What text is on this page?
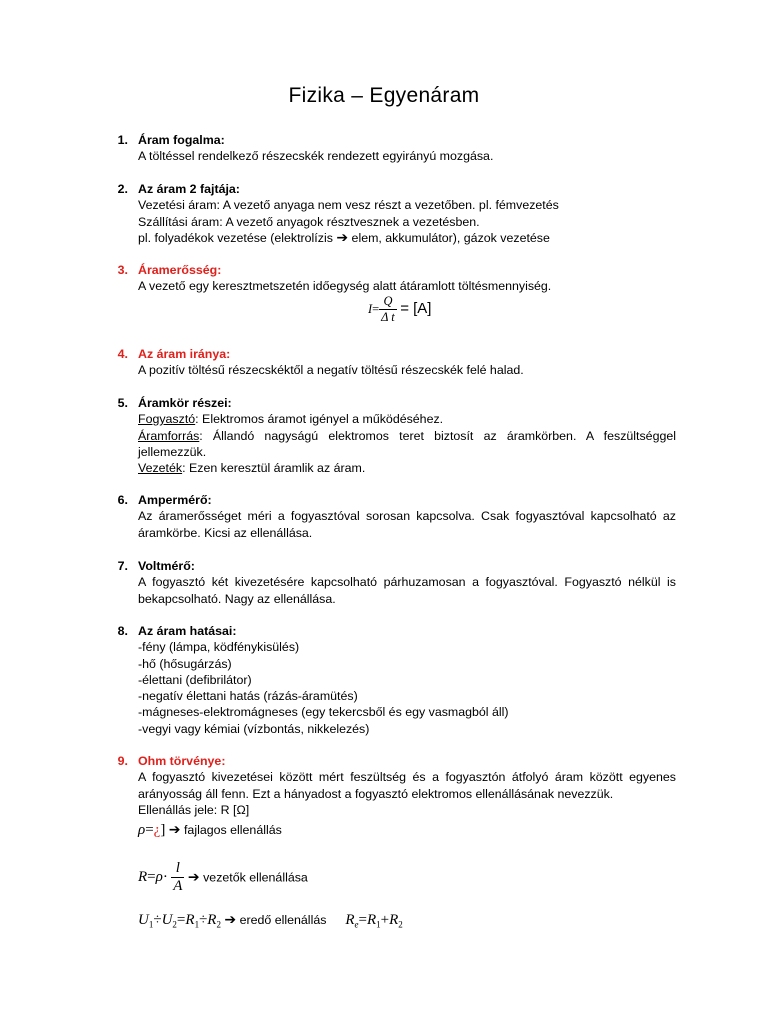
Fizika – Egyenáram
1. Áram fogalma:
A töltéssel rendelkező részecskék rendezett egyirányú mozgása.
2. Az áram 2 fajtája:
Vezetési áram: A vezető anyaga nem vesz részt a vezetőben. pl. fémvezetés
Szállítási áram: A vezető anyagok résztvesznek a vezetésben.
pl. folyadékok vezetése (elektrolízis ➔ elem, akkumulátor), gázok vezetése
3. Áramerősség:
A vezető egy keresztmetszetén időegység alatt átáramlott töltésmennyiség.
$I= \frac{Q}{\text{Δ t}} = [A]$
4. Az áram iránya:
A pozitív töltésű részecskéktől a negatív töltésű részecskék felé halad.
5. Áramkör részei:
Fogyasztó: Elektromos áramot igényel a működéséhez.
Áramforrás: Állandó nagyságú elektromos teret biztosít az áramkörben. A feszültséggel jellemezzük.
Vezeték: Ezen keresztül áramlik az áram.
6. Ampermérő:
Az áramerősséget méri a fogyasztóval sorosan kapcsolva. Csak fogyasztóval kapcsolható az áramkörbe. Kicsi az ellenállása.
7. Voltmérő:
A fogyasztó két kivezetésére kapcsolható párhuzamosan a fogyasztóval. Fogyasztó nélkül is bekapcsolható. Nagy az ellenállása.
8. Az áram hatásai:
-fény (lámpa, ködfénykisülés)
-hő (hősugárzás)
-élettani (defibrilátor)
-negatív élettani hatás (rázás-áramütés)
-mágneses-elektromágneses (egy tekercsből és egy vasmagból áll)
-vegyi vagy kémiai (vízbontás, nikkelezés)
9. Ohm törvénye:
A fogyasztó kivezetései között mért feszültség és a fogyasztón átfolyó áram között egyenes arányosság áll fenn. Ezt a hányadost a fogyasztó elektromos ellenállásának nevezzük.
Ellenállás jele: R [Ω]
ρ=¿] ➔ fajlagos ellenállás
$R=\rho\cdot \frac{l}{A}$ ➔ vezetők ellenállása
$U_1\div U_2=R_1\div R_2$ ➔ eredő ellenállás $R_e=R_1+R_2$
